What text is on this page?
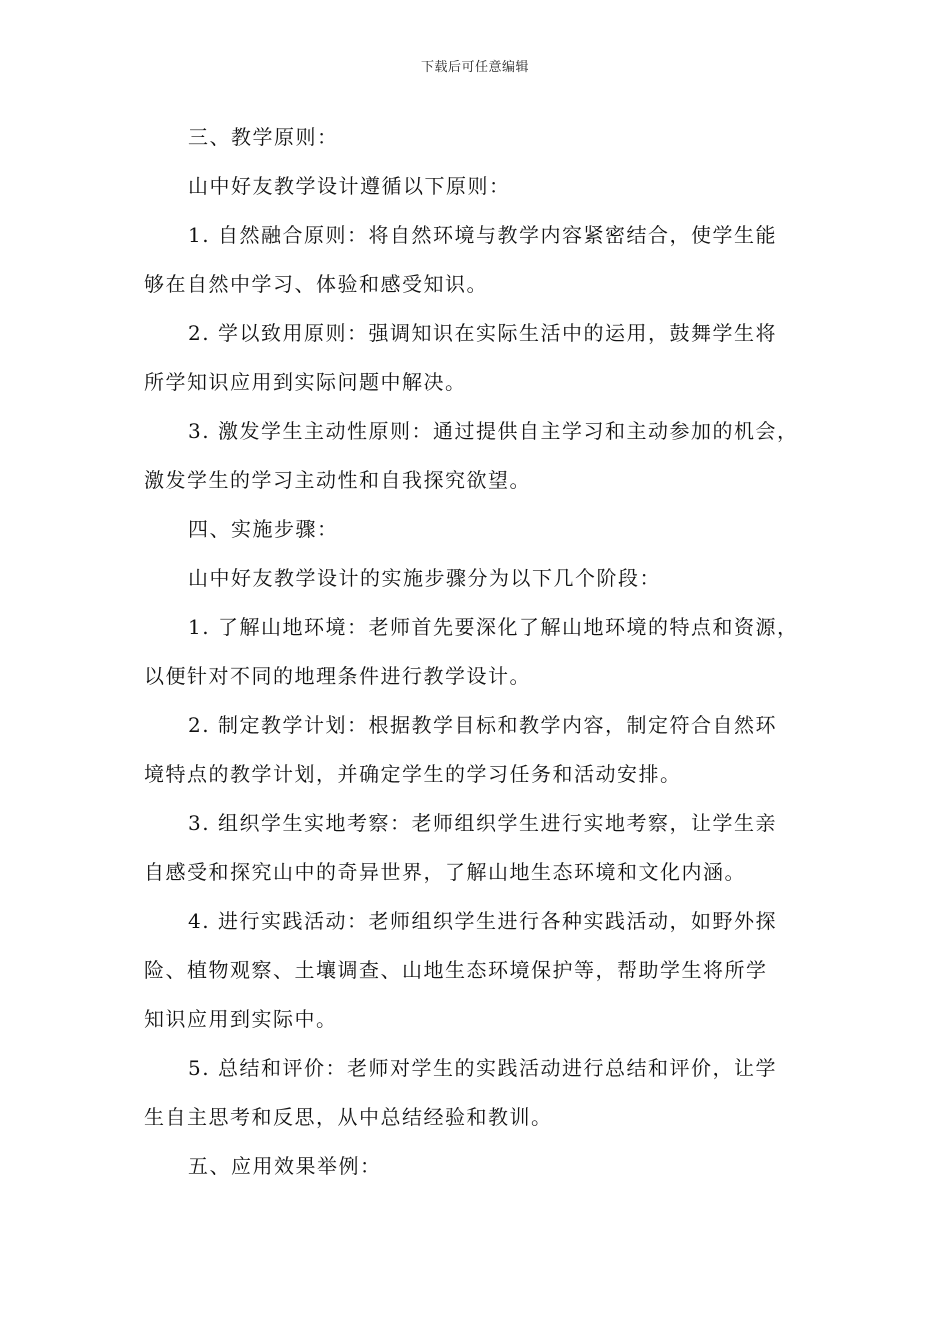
下载后可任意编辑
三、教学原则：
山中好友教学设计遵循以下原则：
1. 自然融合原则：将自然环境与教学内容紧密结合，使学生能
够在自然中学习、体验和感受知识。
2. 学以致用原则：强调知识在实际生活中的运用，鼓舞学生将
所学知识应用到实际问题中解决。
3. 激发学生主动性原则：通过提供自主学习和主动参加的机会，
激发学生的学习主动性和自我探究欲望。
四、实施步骤：
山中好友教学设计的实施步骤分为以下几个阶段：
1. 了解山地环境：老师首先要深化了解山地环境的特点和资源，
以便针对不同的地理条件进行教学设计。
2. 制定教学计划：根据教学目标和教学内容，制定符合自然环
境特点的教学计划，并确定学生的学习任务和活动安排。
3. 组织学生实地考察：老师组织学生进行实地考察，让学生亲
自感受和探究山中的奇异世界，了解山地生态环境和文化内涵。
4. 进行实践活动：老师组织学生进行各种实践活动，如野外探
险、植物观察、土壤调查、山地生态环境保护等，帮助学生将所学
知识应用到实际中。
5. 总结和评价：老师对学生的实践活动进行总结和评价，让学
生自主思考和反思，从中总结经验和教训。
五、应用效果举例：
